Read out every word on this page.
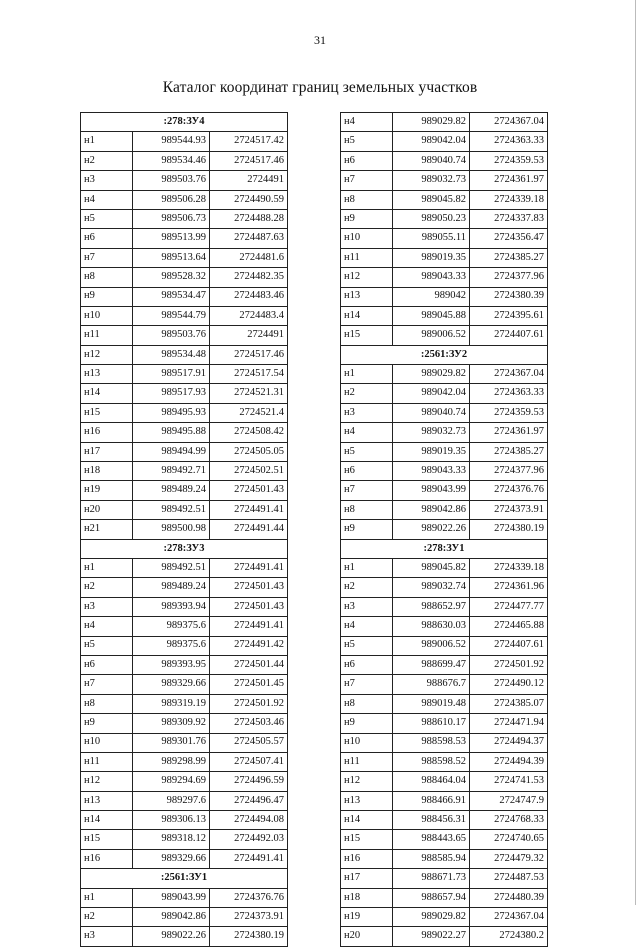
31
Каталог координат границ земельных участков
:278:ЗУ4		
н1	989544.93	2724517.42
н2	989534.46	2724517.46
н3	989503.76	2724491
н4	989506.28	2724490.59
н5	989506.73	2724488.28
н6	989513.99	2724487.63
н7	989513.64	2724481.6
н8	989528.32	2724482.35
н9	989534.47	2724483.46
н10	989544.79	2724483.4
н11	989503.76	2724491
н12	989534.48	2724517.46
н13	989517.91	2724517.54
н14	989517.93	2724521.31
н15	989495.93	2724521.4
н16	989495.88	2724508.42
н17	989494.99	2724505.05
н18	989492.71	2724502.51
н19	989489.24	2724501.43
н20	989492.51	2724491.41
н21	989500.98	2724491.44
:278:ЗУ3		
н1	989492.51	2724491.41
н2	989489.24	2724501.43
н3	989393.94	2724501.43
н4	989375.6	2724491.41
н5	989375.6	2724491.42
н6	989393.95	2724501.44
н7	989329.66	2724501.45
н8	989319.19	2724501.92
н9	989309.92	2724503.46
н10	989301.76	2724505.57
н11	989298.99	2724507.41
н12	989294.69	2724496.59
н13	989297.6	2724496.47
н14	989306.13	2724494.08
н15	989318.12	2724492.03
н16	989329.66	2724491.41
:2561:ЗУ1		
н1	989043.99	2724376.76
н2	989042.86	2724373.91
н3	989022.26	2724380.19
н4	989029.82	2724367.04
н5	989042.04	2724363.33
н6	989040.74	2724359.53
н7	989032.73	2724361.97
н8	989045.82	2724339.18
н9	989050.23	2724337.83
н10	989055.11	2724356.47
н11	989019.35	2724385.27
н12	989043.33	2724377.96
н13	989042	2724380.39
н14	989045.88	2724395.61
н15	989006.52	2724407.61
:2561:ЗУ2		
н1	989029.82	2724367.04
н2	989042.04	2724363.33
н3	989040.74	2724359.53
н4	989032.73	2724361.97
н5	989019.35	2724385.27
н6	989043.33	2724377.96
н7	989043.99	2724376.76
н8	989042.86	2724373.91
н9	989022.26	2724380.19
:278:ЗУ1		
н1	989045.82	2724339.18
н2	989032.74	2724361.96
н3	988652.97	2724477.77
н4	988630.03	2724465.88
н5	989006.52	2724407.61
н6	988699.47	2724501.92
н7	988676.7	2724490.12
н8	989019.48	2724385.07
н9	988610.17	2724471.94
н10	988598.53	2724494.37
н11	988598.52	2724494.39
н12	988464.04	2724741.53
н13	988466.91	2724747.9
н14	988456.31	2724768.33
н15	988443.65	2724740.65
н16	988585.94	2724479.32
н17	988671.73	2724487.53
н18	988657.94	2724480.39
н19	989029.82	2724367.04
н20	989022.27	2724380.2
